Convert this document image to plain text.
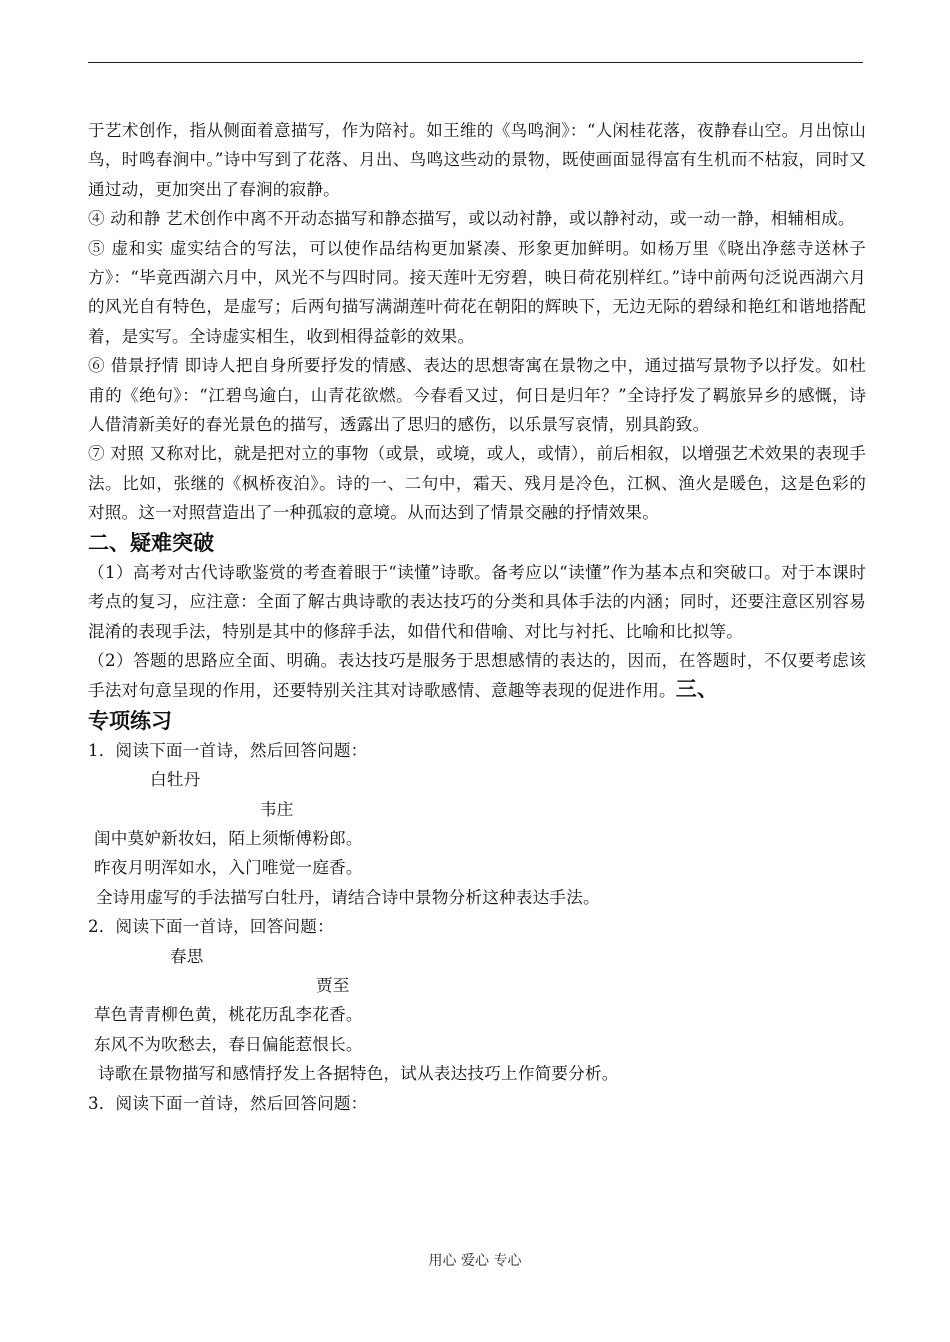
于艺术创作，指从侧面着意描写，作为陪衬。如王维的《鸟鸣涧》：“人闲桂花落，夜静春山空。月出惊山鸟，时鸣春涧中。”诗中写到了花落、月出、鸟鸣这些动的景物，既使画面显得富有生机而不枯寂，同时又通过动，更加突出了春涧的寂静。

④ 动和静 艺术创作中离不开动态描写和静态描写，或以动衬静，或以静衬动，或一动一静，相辅相成。

⑤ 虚和实 虚实结合的写法，可以使作品结构更加紧凑、形象更加鲜明。如杨万里《晓出净慈寺送林子方》：“毕竟西湖六月中，风光不与四时同。接天莲叶无穷碧，映日荷花别样红。”诗中前两句泛说西湖六月的风光自有特色，是虚写；后两句描写满湖莲叶荷花在朝阳的辉映下，无边无际的碧绿和艳红和谐地搭配着，是实写。全诗虚实相生，收到相得益彰的效果。

⑥ 借景抒情 即诗人把自身所要抒发的情感、表达的思想寄寓在景物之中，通过描写景物予以抒发。如杜甫的《绝句》：“江碧鸟逾白，山青花欲燃。今春看又过，何日是归年？”全诗抒发了羁旅异乡的感慨，诗人借清新美好的春光景色的描写，透露出了思归的感伤，以乐景写哀情，别具韵致。

⑦ 对照 又称对比，就是把对立的事物（或景，或境，或人，或情），前后相叙，以增强艺术效果的表现手法。比如，张继的《枫桥夜泊》。诗的一、二句中，霜天、残月是冷色，江枫、渔火是暖色，这是色彩的对照。这一对照营造出了一种孤寂的意境。从而达到了情景交融的抒情效果。

二、疑难突破

（1）高考对古代诗歌鉴赏的考查着眼于“读懂”诗歌。备考应以“读懂”作为基本点和突破口。对于本课时考点的复习，应注意：全面了解古典诗歌的表达技巧的分类和具体手法的内涵；同时，还要注意区别容易混淆的表现手法，特别是其中的修辞手法，如借代和借喻、对比与衬托、比喻和比拟等。

（2）答题的思路应全面、明确。表达技巧是服务于思想感情的表达的，因而，在答题时，不仅要考虑该手法对句意呈现的作用，还要特别关注其对诗歌感情、意趣等表现的促进作用。三、

专项练习

1．阅读下面一首诗，然后回答问题：

白牡丹

韦庄

闺中莫妒新妆妇，陌上须惭傅粉郎。

昨夜月明浑如水，入门唯觉一庭香。

全诗用虚写的手法描写白牡丹，请结合诗中景物分析这种表达手法。

2．阅读下面一首诗，回答问题：

春思

贾至

草色青青柳色黄，桃花历乱李花香。

东风不为吹愁去，春日偏能惹恨长。

诗歌在景物描写和感情抒发上各据特色，试从表达技巧上作简要分析。

3．阅读下面一首诗，然后回答问题：

用心 爱心 专心
